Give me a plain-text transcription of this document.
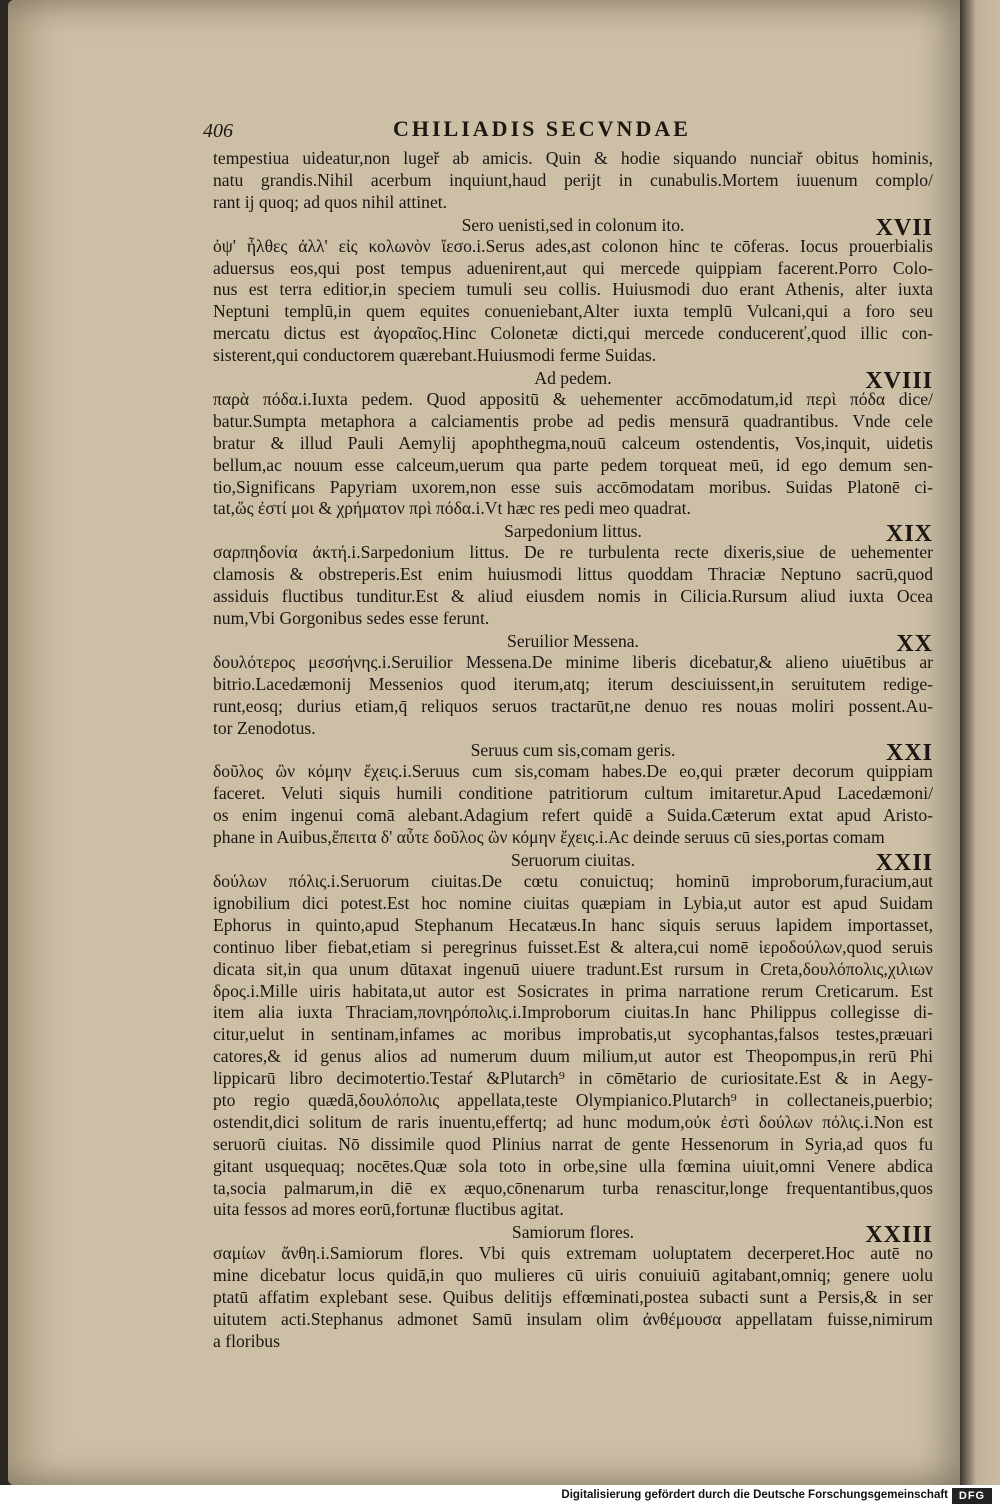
406	CHILIADIS SECVNDAE
tempestiua uideatur,non lugeř ab amicis. Quin & hodie siquando nunciař obitus hominis,
natu grandis.Nihil acerbum inquiunt,haud perijt in cunabulis.Mortem iuuenum complo/
rant ij quoq; ad quos nihil attinet.
Sero uenisti,sed in colonum ito.	XVII
ὀψ' ἦλθες ἀλλ' εἰς κολωνὸν ἴεσο.i.Serus ades,ast colonon hinc te cōferas. Iocus prouerbialis
aduersus eos,qui post tempus aduenirent,aut qui mercede quippiam facerent.Porro Colo-
nus est terra editior,in speciem tumuli seu collis. Huiusmodi duo erant Athenis, alter iuxta
Neptuni templū,in quem equites conueniebant,Alter iuxta templū Vulcani,qui a foro seu
mercatu dictus est ἀγοραῖος.Hinc Colonetæ dicti,qui mercede conducerenť,quod illic con-
sisterent,qui conductorem quærebant.Huiusmodi ferme Suidas.
Ad pedem.	XVIII
παρὰ πόδα.i.Iuxta pedem. Quod appositū & uehementer accōmodatum,id περὶ πόδα dice/
batur.Sumpta metaphora a calciamentis probe ad pedis mensurā quadrantibus. Vnde cele
bratur & illud Pauli Aemylij apophthegma,nouū calceum ostendentis, Vos,inquit, uidetis
bellum,ac nouum esse calceum,uerum qua parte pedem torqueat meū, id ego demum sen-
tio,Significans Papyriam uxorem,non esse suis accōmodatam moribus. Suidas Platonē ci-
tat,ὥς ἐστί μοι & χρήματον πρὶ πόδα.i.Vt hæc res pedi meo quadrat.
Sarpedonium littus.	XIX
σαρπηδονία ἀκτή.i.Sarpedonium littus. De re turbulenta recte dixeris,siue de uehementer
clamosis & obstreperis.Est enim huiusmodi littus quoddam Thraciæ Neptuno sacrū,quod
assiduis fluctibus tunditur.Est & aliud eiusdem nomis in Cilicia.Rursum aliud iuxta Ocea
num,Vbi Gorgonibus sedes esse ferunt.
Seruilior Messena.	XX
δουλότερος μεσσήνης.i.Seruilior Messena.De minime liberis dicebatur,& alieno uiuētibus ar
bitrio.Lacedæmonij Messenios quod iterum,atq; iterum desciuissent,in seruitutem redige-
runt,eosq; durius etiam,q̄ reliquos seruos tractarūt,ne denuo res nouas moliri possent.Au-
tor Zenodotus.
Seruus cum sis,comam geris.	XXI
δοῦλος ὢν κόμην ἔχεις.i.Seruus cum sis,comam habes.De eo,qui præter decorum quippiam
faceret. Veluti siquis humili conditione patritiorum cultum imitaretur.Apud Lacedæmoni/
os enim ingenui comā alebant.Adagium refert quidē a Suida.Cæterum extat apud Aristo-
phane in Auibus,ἔπειτα δ' αὖτε δοῦλος ὢν κόμην ἔχεις.i.Ac deinde seruus cū sies,portas comam
Seruorum ciuitas.	XXII
δούλων πόλις.i.Seruorum ciuitas.De cœtu conuictuq; hominū improborum,furacium,aut
ignobilium dici potest.Est hoc nomine ciuitas quæpiam in Lybia,ut autor est apud Suidam
Ephorus in quinto,apud Stephanum Hecatæus.In hanc siquis seruus lapidem importasset,
continuo liber fiebat,etiam si peregrinus fuisset.Est & altera,cui nomē ἱεροδούλων,quod seruis
dicata sit,in qua unum dūtaxat ingenuū uiuere tradunt.Est rursum in Creta,δουλόπολις,χιλιων
δρος.i.Mille uiris habitata,ut autor est Sosicrates in prima narratione rerum Creticarum. Est
item alia iuxta Thraciam,πονηρόπολις.i.Improborum ciuitas.In hanc Philippus collegisse di-
citur,uelut in sentinam,infames ac moribus improbatis,ut sycophantas,falsos testes,præuari
catores,& id genus alios ad numerum duum milium,ut autor est Theopompus,in rerū Phi
lippicarū libro decimotertio.Testaŕ &Plutarch⁹ in cōmētario de curiositate.Est & in Aegy-
pto regio quædā,δουλόπολις appellata,teste Olympianico.Plutarch⁹ in collectaneis,puerbio;
ostendit,dici solitum de raris inuentu,effertq; ad hunc modum,οὐκ ἐστὶ δούλων πόλις.i.Non est
seruorū ciuitas. Nō dissimile quod Plinius narrat de gente Hessenorum in Syria,ad quos fu
gitant usquequaq; nocētes.Quæ sola toto in orbe,sine ulla fœmina uiuit,omni Venere abdica
ta,socia palmarum,in diē ex æquo,cōnenarum turba renascitur,longe frequentantibus,quos
uita fessos ad mores eorū,fortunæ fluctibus agitat.
Samiorum flores.	XXIII
σαμίων ἄνθη.i.Samiorum flores. Vbi quis extremam uoluptatem decerperet.Hoc autē no
mine dicebatur locus quidā,in quo mulieres cū uiris conuiuiū agitabant,omniq; genere uolu
ptatū affatim explebant sese. Quibus delitijs effœminati,postea subacti sunt a Persis,& in ser
uitutem acti.Stephanus admonet Samū insulam olim ἀνθέμουσα appellatam fuisse,nimirum
a floribus
Digitalisierung gefördert durch die Deutsche Forschungsgemeinschaft DFG
